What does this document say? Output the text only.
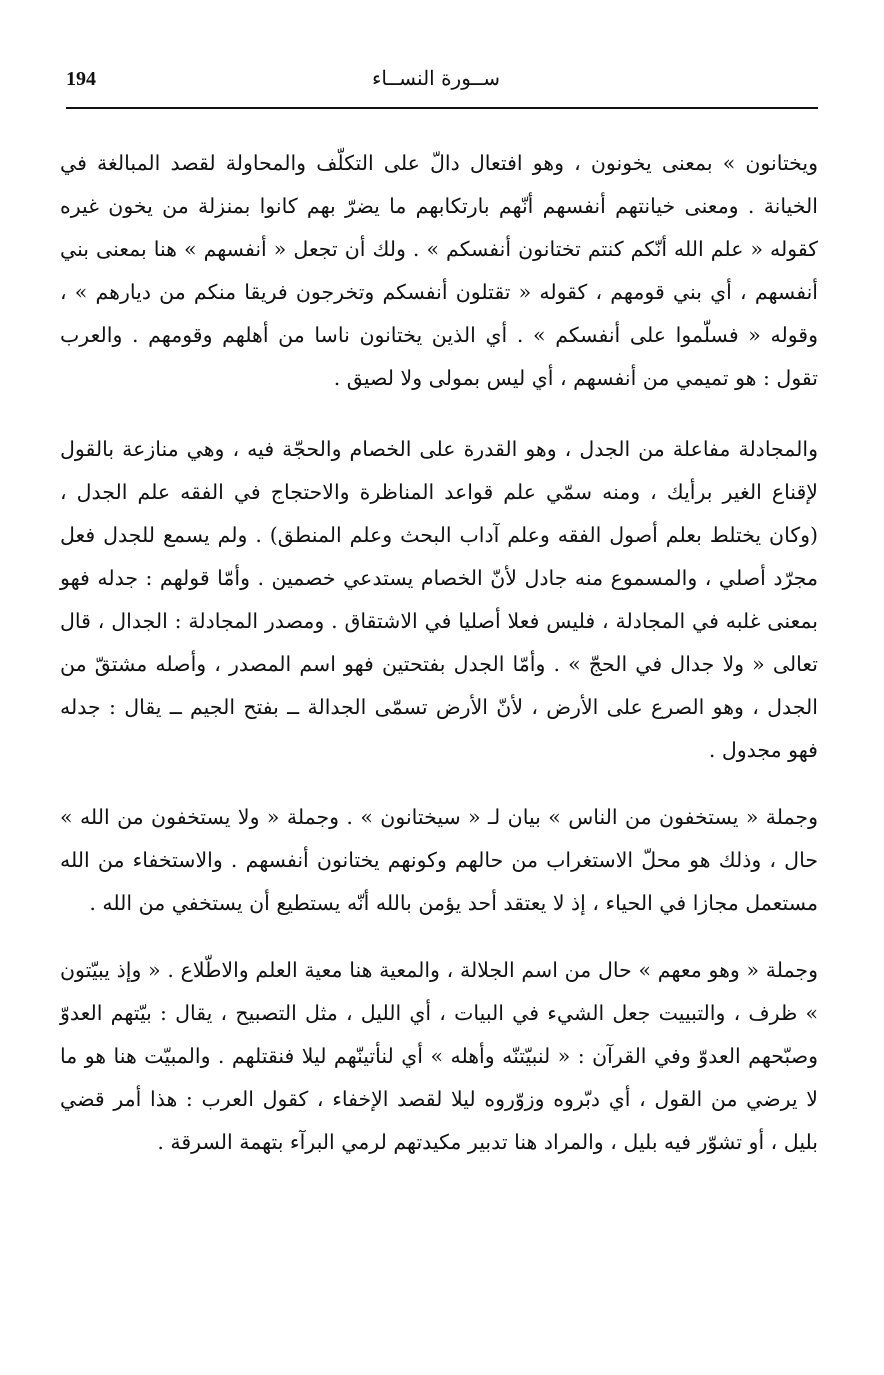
194	ســورة النســاء

ويختانون » بمعنى يخونون ، وهو افتعال دالّ على التكلّف والمحاولة لقصد المبالغة في الخيانة . ومعنى خيانتهم أنفسهم أنّهم بارتكابهم ما يضرّ بهم كانوا بمنزلة من يخون غيره كقوله « علم الله أنّكم كنتم تختانون أنفسكم » . ولك أن تجعل « أنفسهم » هنا بمعنى بني أنفسهم ، أي بني قومهم ، كقوله « تقتلون أنفسكم وتخرجون فريقا منكم من ديارهم » ، وقوله « فسلّموا على أنفسكم » . أي الذين يختانون ناسا من أهلهم وقومهم . والعرب تقول : هو تميمي من أنفسهم ، أي ليس بمولى ولا لصيق .

والمجادلة مفاعلة من الجدل ، وهو القدرة على الخصام والحجّة فيه ، وهي منازعة بالقول لإقناع الغير برأيك ، ومنه سمّي علم قواعد المناظرة والاحتجاج في الفقه علم الجدل ، (وكان يختلط بعلم أصول الفقه وعلم آداب البحث وعلم المنطق) . ولم يسمع للجدل فعل مجرّد أصلي ، والمسموع منه جادل لأنّ الخصام يستدعي خصمين . وأمّا قولهم : جدله فهو بمعنى غلبه في المجادلة ، فليس فعلا أصليا في الاشتقاق . ومصدر المجادلة : الجدال ، قال تعالى « ولا جدال في الحجّ » . وأمّا الجدل بفتحتين فهو اسم المصدر ، وأصله مشتقّ من الجدل ، وهو الصرع على الأرض ، لأنّ الأرض تسمّى الجدالة ــ بفتح الجيم ــ يقال : جدله فهو مجدول .

وجملة « يستخفون من الناس » بيان لـ « سيختانون » . وجملة « ولا يستخفون من الله » حال ، وذلك هو محلّ الاستغراب من حالهم وكونهم يختانون أنفسهم . والاستخفاء من الله مستعمل مجازا في الحياء ، إذ لا يعتقد أحد يؤمن بالله أنّه يستطيع أن يستخفي من الله .

وجملة « وهو معهم » حال من اسم الجلالة ، والمعية هنا معية العلم والاطّلاع . « وإذ يبيّتون » ظرف ، والتبييت جعل الشيء في البيات ، أي الليل ، مثل التصبيح ، يقال : بيّتهم العدوّ وصبّحهم العدوّ وفي القرآن : « لنبيّتنّه وأهله » أي لنأتينّهم ليلا فنقتلهم . والمبيّت هنا هو ما لا يرضي من القول ، أي دبّروه وزوّروه ليلا لقصد الإخفاء ، كقول العرب : هذا أمر قضي بليل ، أو تشوّر فيه بليل ، والمراد هنا تدبير مكيدتهم لرمي البرآء بتهمة السرقة .
